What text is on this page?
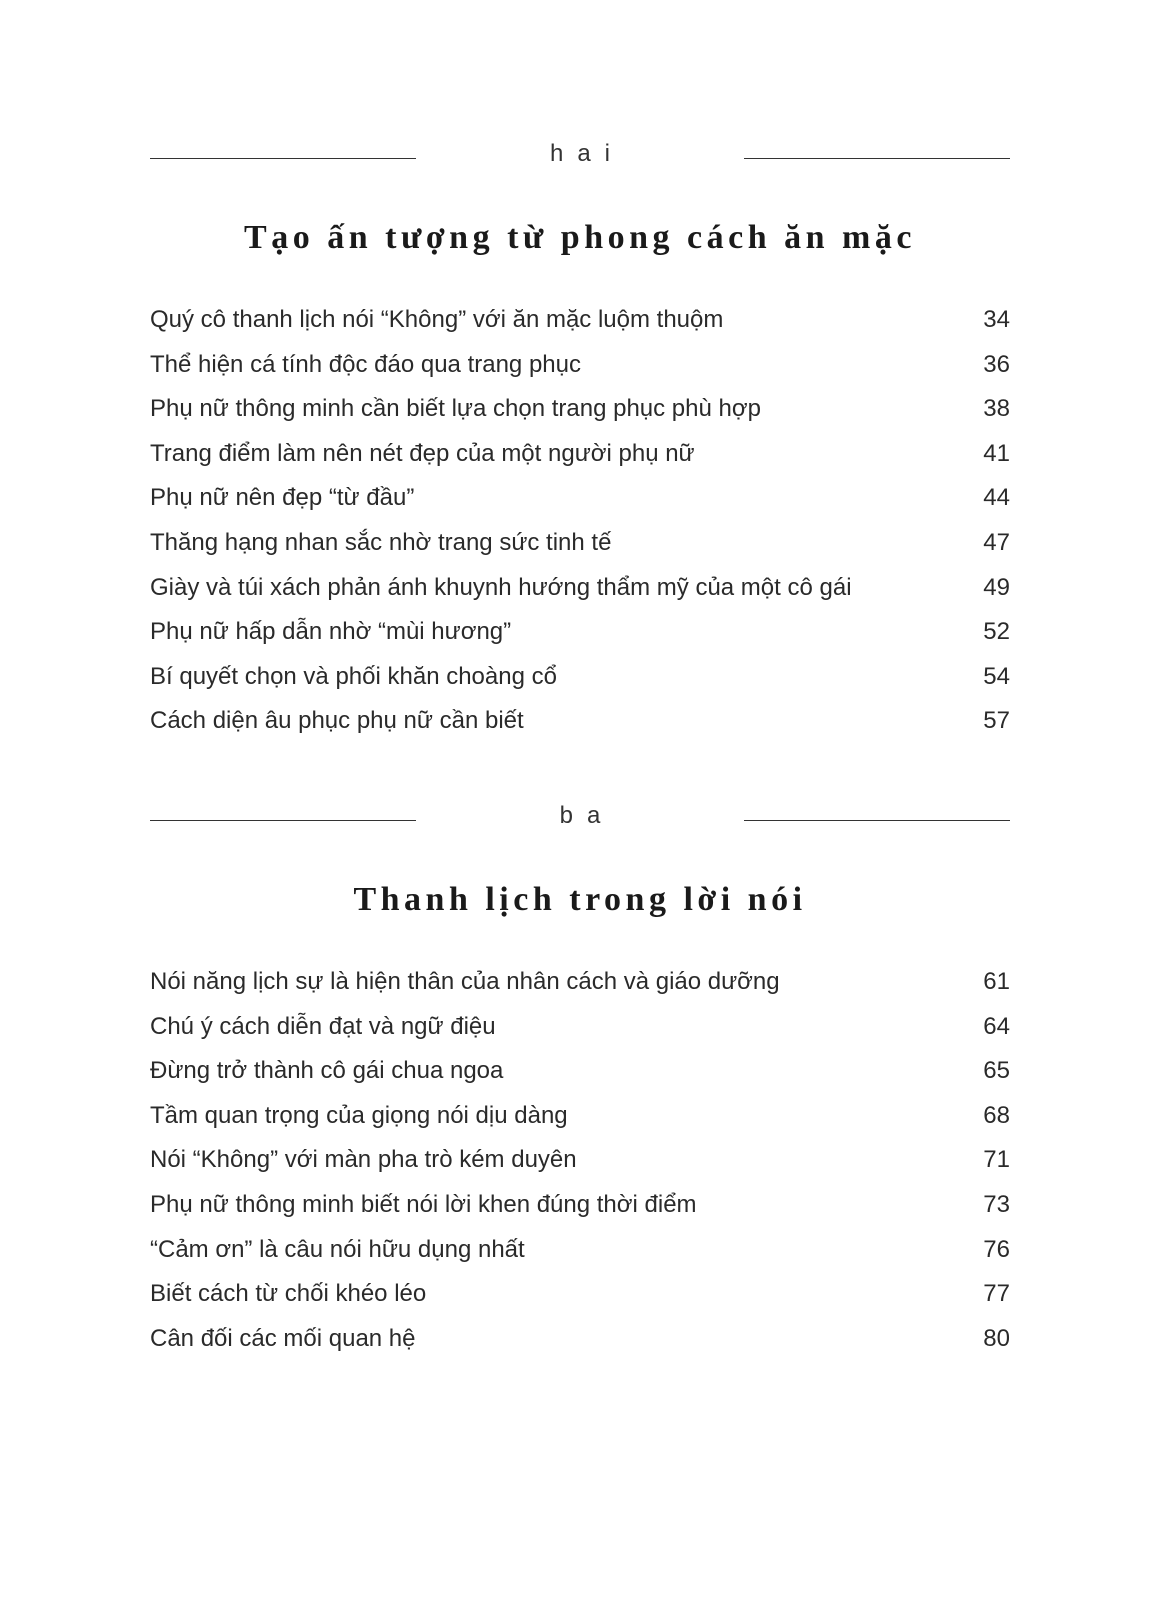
hai
Tạo ấn tượng từ phong cách ăn mặc
Quý cô thanh lịch nói “Không” với ăn mặc luộm thuộm	34
Thể hiện cá tính độc đáo qua trang phục	36
Phụ nữ thông minh cần biết lựa chọn trang phục phù hợp	38
Trang điểm làm nên nét đẹp của một người phụ nữ	41
Phụ nữ nên đẹp “từ đầu”	44
Thăng hạng nhan sắc nhờ trang sức tinh tế	47
Giày và túi xách phản ánh khuynh hướng thẩm mỹ của một cô gái	49
Phụ nữ hấp dẫn nhờ “mùi hương”	52
Bí quyết chọn và phối khăn choàng cổ	54
Cách diện âu phục phụ nữ cần biết	57
ba
Thanh lịch trong lời nói
Nói năng lịch sự là hiện thân của nhân cách và giáo dưỡng	61
Chú ý cách diễn đạt và ngữ điệu	64
Đừng trở thành cô gái chua ngoa	65
Tầm quan trọng của giọng nói dịu dàng	68
Nói “Không” với màn pha trò kém duyên	71
Phụ nữ thông minh biết nói lời khen đúng thời điểm	73
“Cảm ơn” là câu nói hữu dụng nhất	76
Biết cách từ chối khéo léo	77
Cân đối các mối quan hệ	80
